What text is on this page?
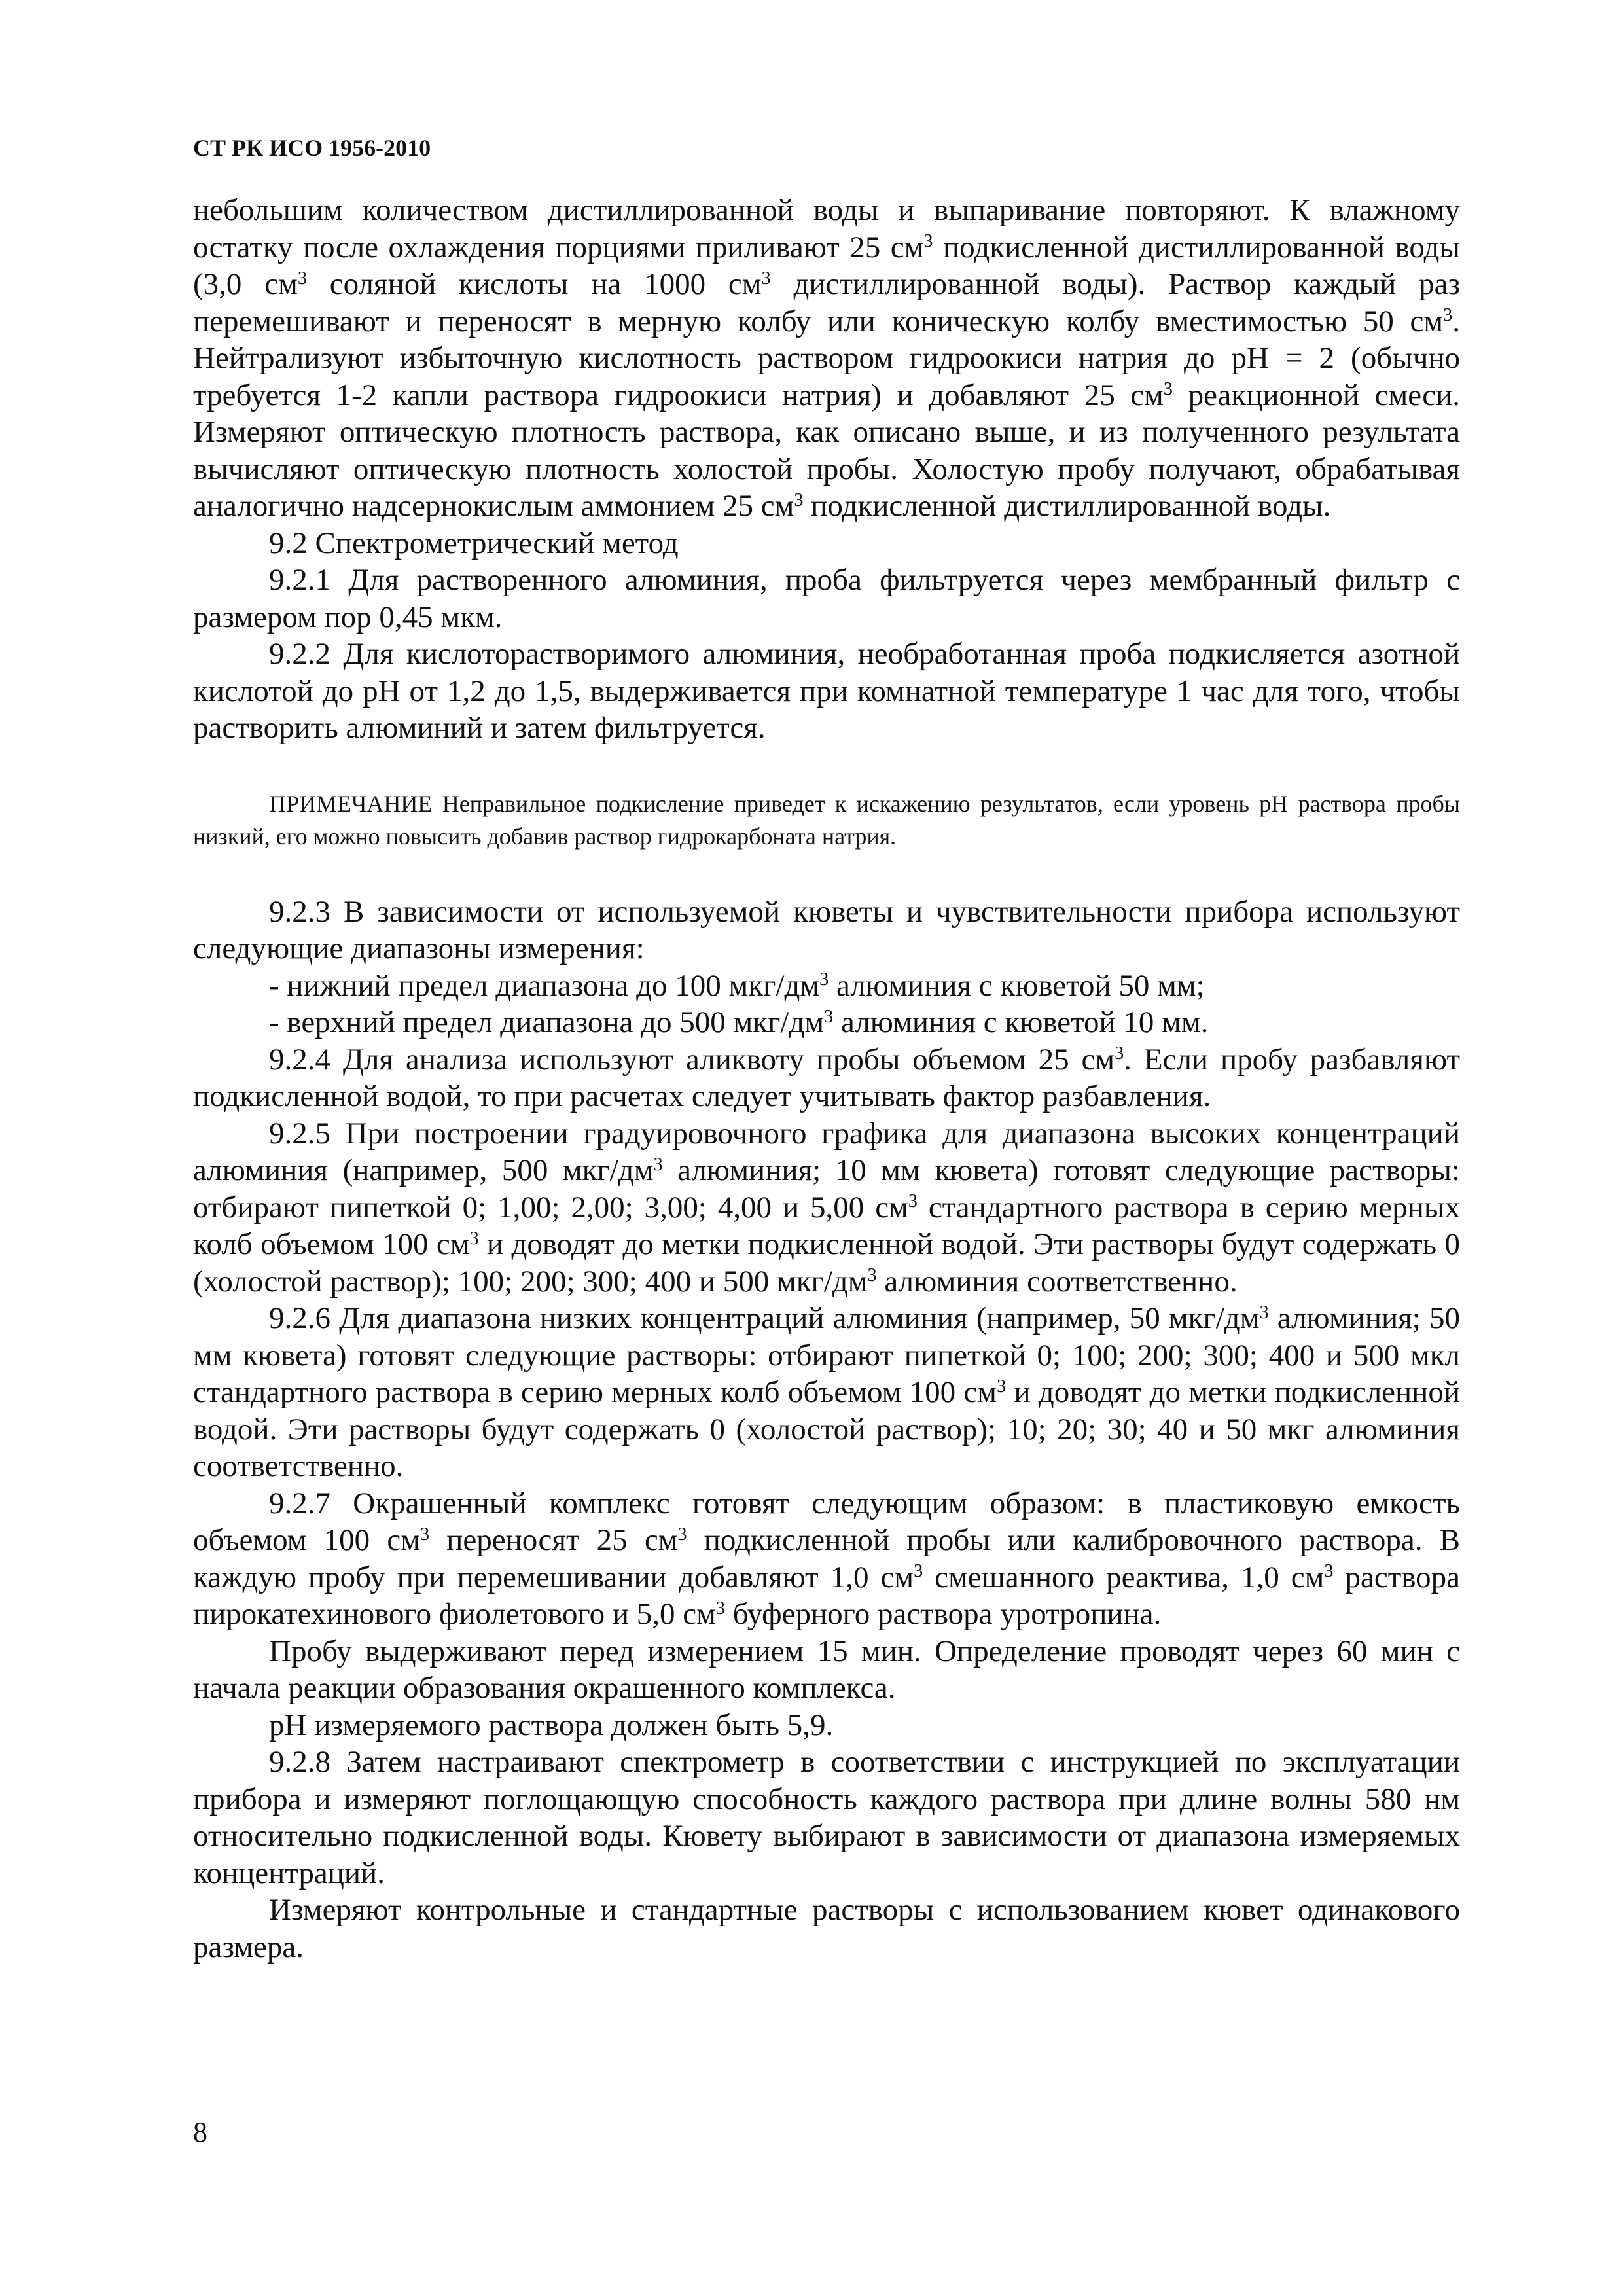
СТ РК ИСО 1956-2010

небольшим количеством дистиллированной воды и выпаривание повторяют. К влажному остатку после охлаждения порциями приливают 25 $см^3$ подкисленной дистиллированной воды (3,0 $см^3$ соляной кислоты на 1000 $см^3$ дистиллированной воды). Раствор каждый раз перемешивают и переносят в мерную колбу или коническую колбу вместимостью 50 $см^3$. Нейтрализуют избыточную кислотность раствором гидроокиси натрия до pH = 2 (обычно требуется 1-2 капли раствора гидроокиси натрия) и добавляют 25 $см^3$ реакционной смеси. Измеряют оптическую плотность раствора, как описано выше, и из полученного результата вычисляют оптическую плотность холостой пробы. Холостую пробу получают, обрабатывая аналогично надсернокислым аммонием 25 $см^3$ подкисленной дистиллированной воды.

9.2 Спектрометрический метод

9.2.1 Для растворенного алюминия, проба фильтруется через мембранный фильтр с размером пор 0,45 мкм.

9.2.2 Для кислоторастворимого алюминия, необработанная проба подкисляется азотной кислотой до pH от 1,2 до 1,5, выдерживается при комнатной температуре 1 час для того, чтобы растворить алюминий и затем фильтруется.

ПРИМЕЧАНИЕ Неправильное подкисление приведет к искажению результатов, если уровень pH раствора пробы низкий, его можно повысить добавив раствор гидрокарбоната натрия.

9.2.3 В зависимости от используемой кюветы и чувствительности прибора используют следующие диапазоны измерения:

- нижний предел диапазона до 100 мкг/$дм^3$ алюминия с кюветой 50 мм;

- верхний предел диапазона до 500 мкг/$дм^3$ алюминия с кюветой 10 мм.

9.2.4 Для анализа используют аликвоту пробы объемом 25 $см^3$. Если пробу разбавляют подкисленной водой, то при расчетах следует учитывать фактор разбавления.

9.2.5 При построении градуировочного графика для диапазона высоких концентраций алюминия (например, 500 мкг/$дм^3$ алюминия; 10 мм кювета) готовят следующие растворы: отбирают пипеткой 0; 1,00; 2,00; 3,00; 4,00 и 5,00 $см^3$ стандартного раствора в серию мерных колб объемом 100 $см^3$ и доводят до метки подкисленной водой. Эти растворы будут содержать 0 (холостой раствор); 100; 200; 300; 400 и 500 мкг/$дм^3$ алюминия соответственно.

9.2.6 Для диапазона низких концентраций алюминия (например, 50 мкг/$дм^3$ алюминия; 50 мм кювета) готовят следующие растворы: отбирают пипеткой 0; 100; 200; 300; 400 и 500 мкл стандартного раствора в серию мерных колб объемом 100 $см^3$ и доводят до метки подкисленной водой. Эти растворы будут содержать 0 (холостой раствор); 10; 20; 30; 40 и 50 мкг алюминия соответственно.

9.2.7 Окрашенный комплекс готовят следующим образом: в пластиковую емкость объемом 100 $см^3$ переносят 25 $см^3$ подкисленной пробы или калибровочного раствора. В каждую пробу при перемешивании добавляют 1,0 $см^3$ смешанного реактива, 1,0 $см^3$ раствора пирокатехинового фиолетового и 5,0 $см^3$ буферного раствора уротропина.

Пробу выдерживают перед измерением 15 мин. Определение проводят через 60 мин с начала реакции образования окрашенного комплекса.

pH измеряемого раствора должен быть 5,9.

9.2.8 Затем настраивают спектрометр в соответствии с инструкцией по эксплуатации прибора и измеряют поглощающую способность каждого раствора при длине волны 580 нм относительно подкисленной воды. Кювету выбирают в зависимости от диапазона измеряемых концентраций.

Измеряют контрольные и стандартные растворы с использованием кювет одинакового размера.

8
